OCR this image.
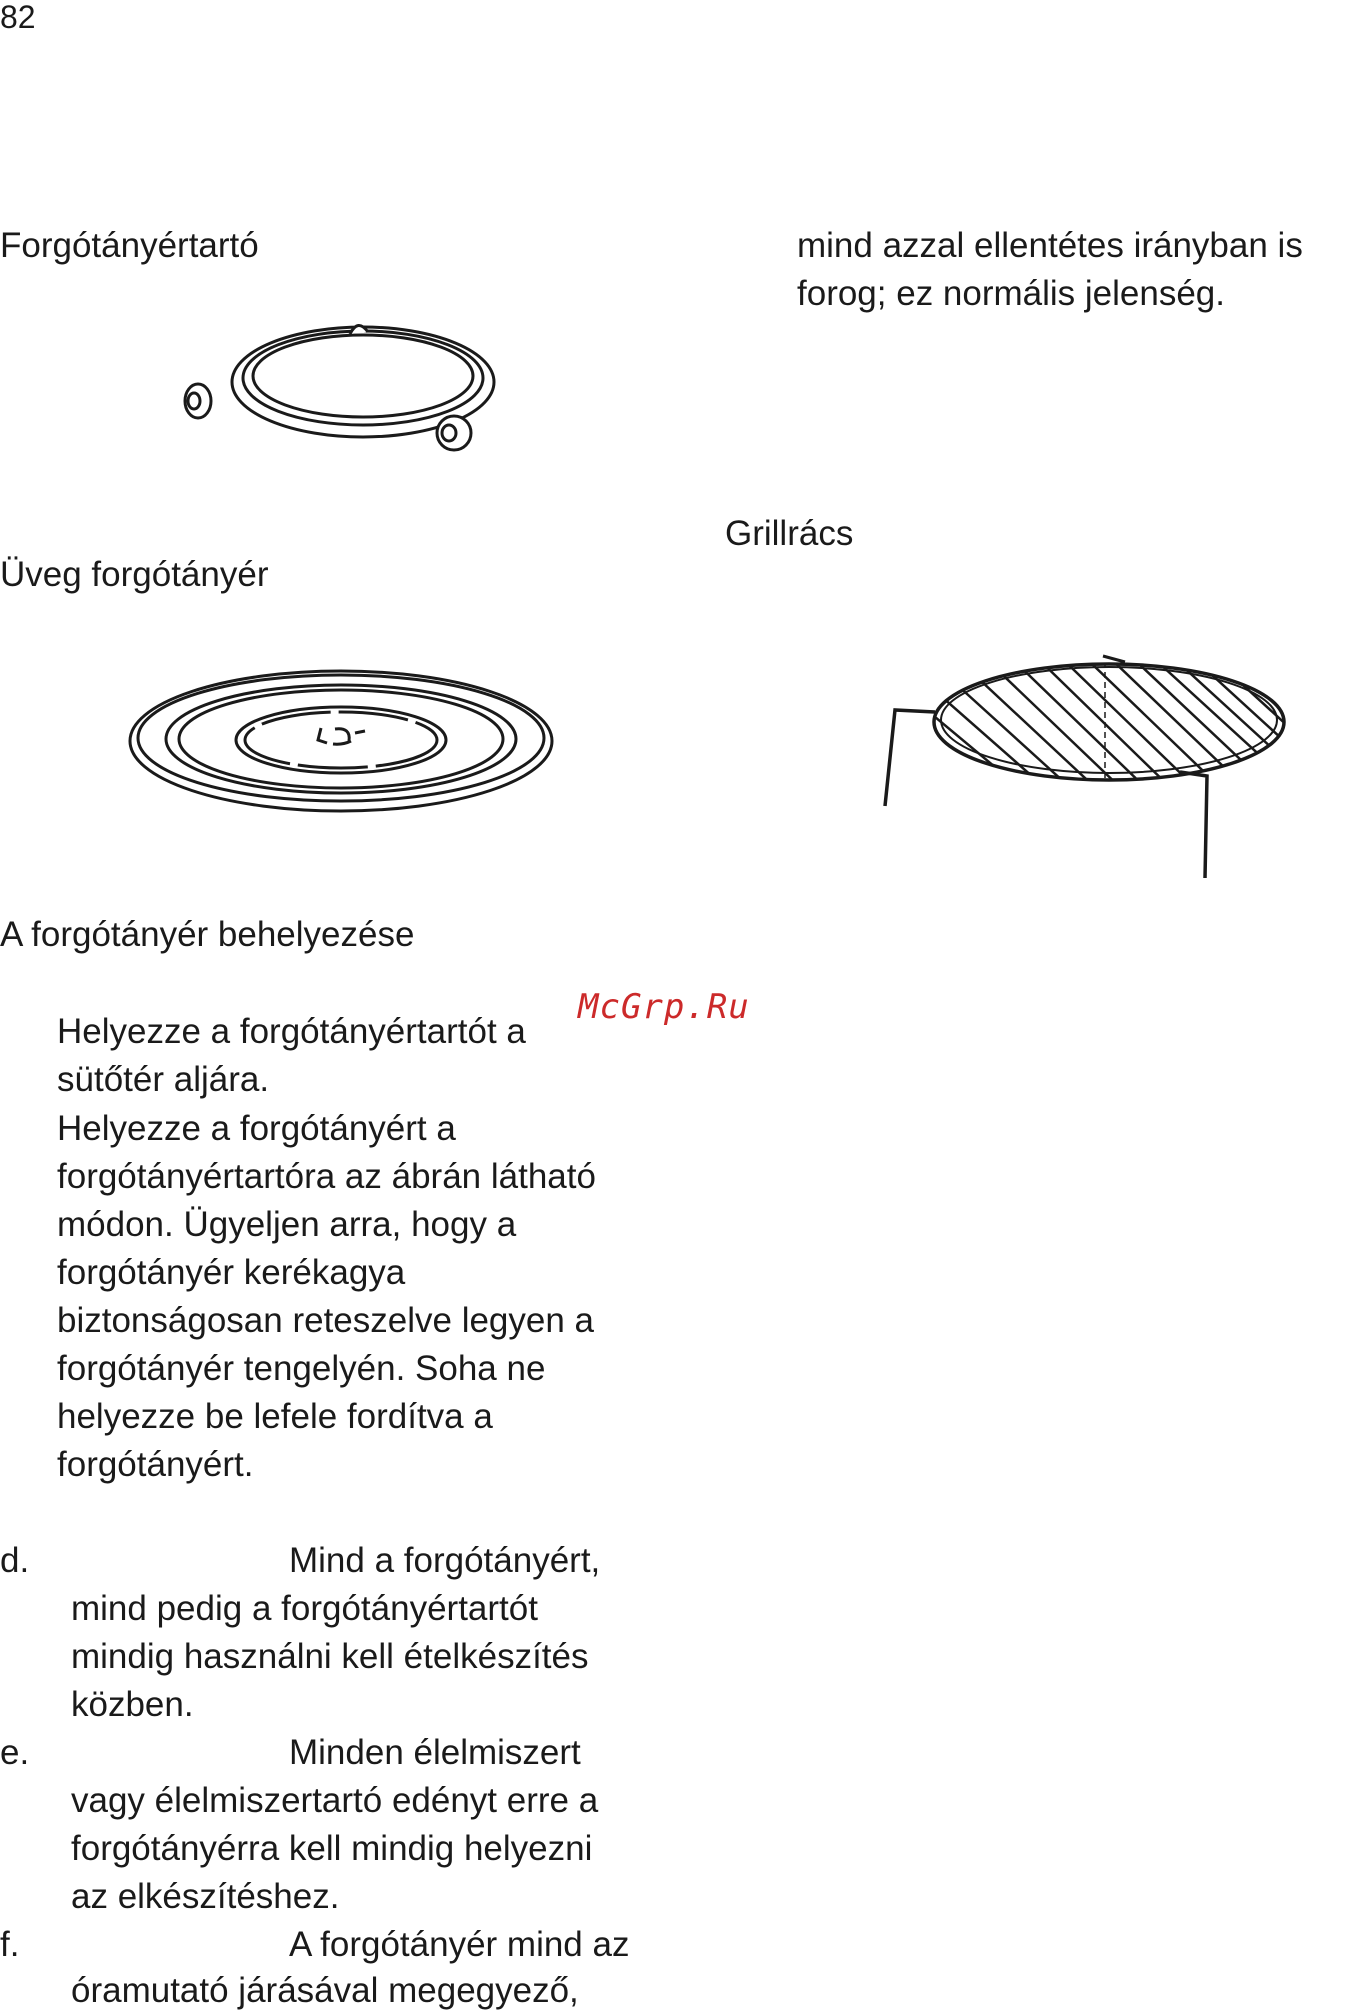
82
Forgótányértartó
Üveg forgótányér
A forgótányér behelyezése
mind azzal ellentétes irányban is
forog; ez normális jelenség.
Grillrács
Helyezze a forgótányértartót a
sütőtér aljára.
Helyezze a forgótányért a
forgótányértartóra az ábrán látható
módon. Ügyeljen arra, hogy a
forgótányér kerékagya
biztonságosan reteszelve legyen a
forgótányér tengelyén. Soha ne
helyezze be lefele fordítva a
forgótányért.
d.	Mind a forgótányért,
mind pedig a forgótányértartót
mindig használni kell ételkészítés
közben.
e.	Minden élelmiszert
vagy élelmiszertartó edényt erre a
forgótányérra kell mindig helyezni
az elkészítéshez.
f.	A forgótányér mind az
óramutató járásával megegyező,
McGrp.Ru
